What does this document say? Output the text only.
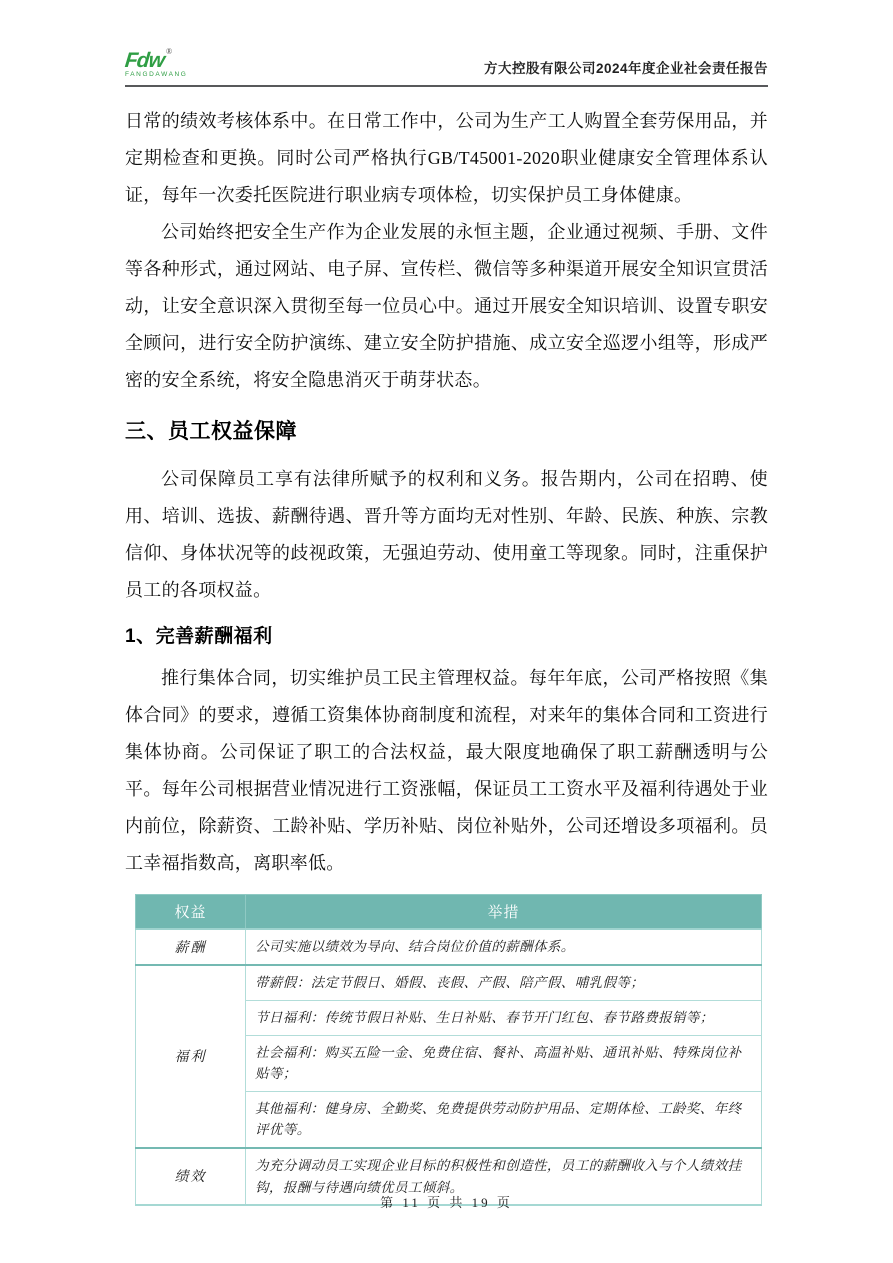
Fdw®
FANGDAWANG	方大控股有限公司2024年度企业社会责任报告

日常的绩效考核体系中。在日常工作中，公司为生产工人购置全套劳保用品，并定期检查和更换。同时公司严格执行GB/T45001-2020职业健康安全管理体系认证，每年一次委托医院进行职业病专项体检，切实保护员工身体健康。

公司始终把安全生产作为企业发展的永恒主题，企业通过视频、手册、文件等各种形式，通过网站、电子屏、宣传栏、微信等多种渠道开展安全知识宣贯活动，让安全意识深入贯彻至每一位员心中。通过开展安全知识培训、设置专职安全顾问，进行安全防护演练、建立安全防护措施、成立安全巡逻小组等，形成严密的安全系统，将安全隐患消灭于萌芽状态。

三、员工权益保障

公司保障员工享有法律所赋予的权利和义务。报告期内，公司在招聘、使用、培训、选拔、薪酬待遇、晋升等方面均无对性别、年龄、民族、种族、宗教信仰、身体状况等的歧视政策，无强迫劳动、使用童工等现象。同时，注重保护员工的各项权益。

1、完善薪酬福利

推行集体合同，切实维护员工民主管理权益。每年年底，公司严格按照《集体合同》的要求，遵循工资集体协商制度和流程，对来年的集体合同和工资进行集体协商。公司保证了职工的合法权益，最大限度地确保了职工薪酬透明与公平。每年公司根据营业情况进行工资涨幅，保证员工工资水平及福利待遇处于业内前位，除薪资、工龄补贴、学历补贴、岗位补贴外，公司还增设多项福利。员工幸福指数高，离职率低。

权益	举措
薪酬	公司实施以绩效为导向、结合岗位价值的薪酬体系。
福利	带薪假：法定节假日、婚假、丧假、产假、陪产假、哺乳假等；
	节日福利：传统节假日补贴、生日补贴、春节开门红包、春节路费报销等；
	社会福利：购买五险一金、免费住宿、餐补、高温补贴、通讯补贴、特殊岗位补贴等；
	其他福利：健身房、全勤奖、免费提供劳动防护用品、定期体检、工龄奖、年终评优等。
绩效	为充分调动员工实现企业目标的积极性和创造性，员工的薪酬收入与个人绩效挂钩，报酬与待遇向绩优员工倾斜。
第 11 页 共 19 页
